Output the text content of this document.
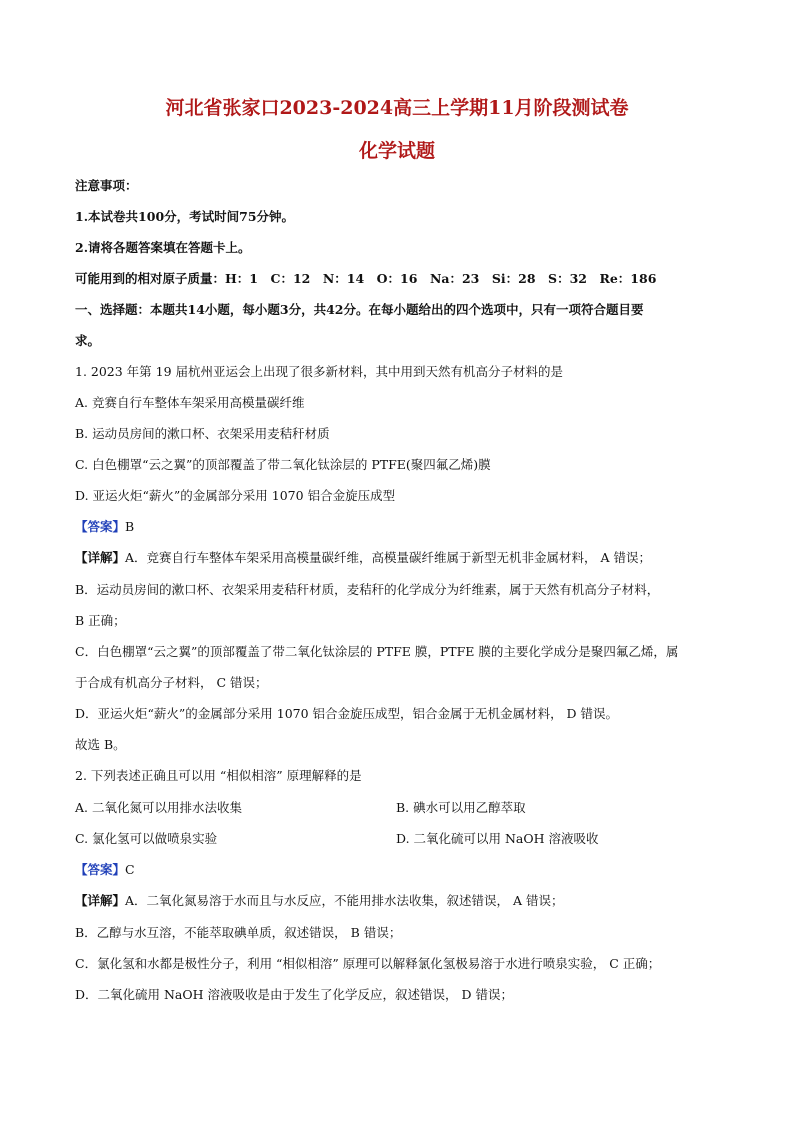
河北省张家口2023-2024高三上学期11月阶段测试卷
化学试题
注意事项：
1.本试卷共100分，考试时间75分钟。
2.请将各题答案填在答题卡上。
可能用到的相对原子质量：H：1　C：12　N：14　O：16　Na：23　Si：28　S：32　Re：186
一、选择题：本题共14小题，每小题3分，共42分。在每小题给出的四个选项中，只有一项符合题目要
求。
1. 2023 年第 19 届杭州亚运会上出现了很多新材料，其中用到天然有机高分子材料的是
A. 竞赛自行车整体车架采用高模量碳纤维
B. 运动员房间的漱口杯、衣架采用麦秸秆材质
C. 白色棚罩“云之翼”的顶部覆盖了带二氧化钛涂层的 PTFE(聚四氟乙烯)膜
D. 亚运火炬“薪火”的金属部分采用 1070 铝合金旋压成型
【答案】B
【详解】A．竞赛自行车整体车架采用高模量碳纤维，高模量碳纤维属于新型无机非金属材料， A 错误；
B．运动员房间的漱口杯、衣架采用麦秸秆材质，麦秸秆的化学成分为纤维素，属于天然有机高分子材料，
B 正确；
C．白色棚罩“云之翼”的顶部覆盖了带二氧化钛涂层的 PTFE 膜，PTFE 膜的主要化学成分是聚四氟乙烯，属
于合成有机高分子材料， C 错误；
D．亚运火炬“薪火”的金属部分采用 1070 铝合金旋压成型，铝合金属于无机金属材料， D 错误。
故选 B。
2. 下列表述正确且可以用 “相似相溶” 原理解释的是
A. 二氧化氮可以用排水法收集	B. 碘水可以用乙醇萃取
C. 氯化氢可以做喷泉实验	D. 二氧化硫可以用 NaOH 溶液吸收
【答案】C
【详解】A．二氧化氮易溶于水而且与水反应，不能用排水法收集，叙述错误， A 错误；
B．乙醇与水互溶，不能萃取碘单质，叙述错误， B 错误；
C．氯化氢和水都是极性分子，利用 “相似相溶” 原理可以解释氯化氢极易溶于水进行喷泉实验， C 正确；
D．二氧化硫用 NaOH 溶液吸收是由于发生了化学反应，叙述错误， D 错误；
